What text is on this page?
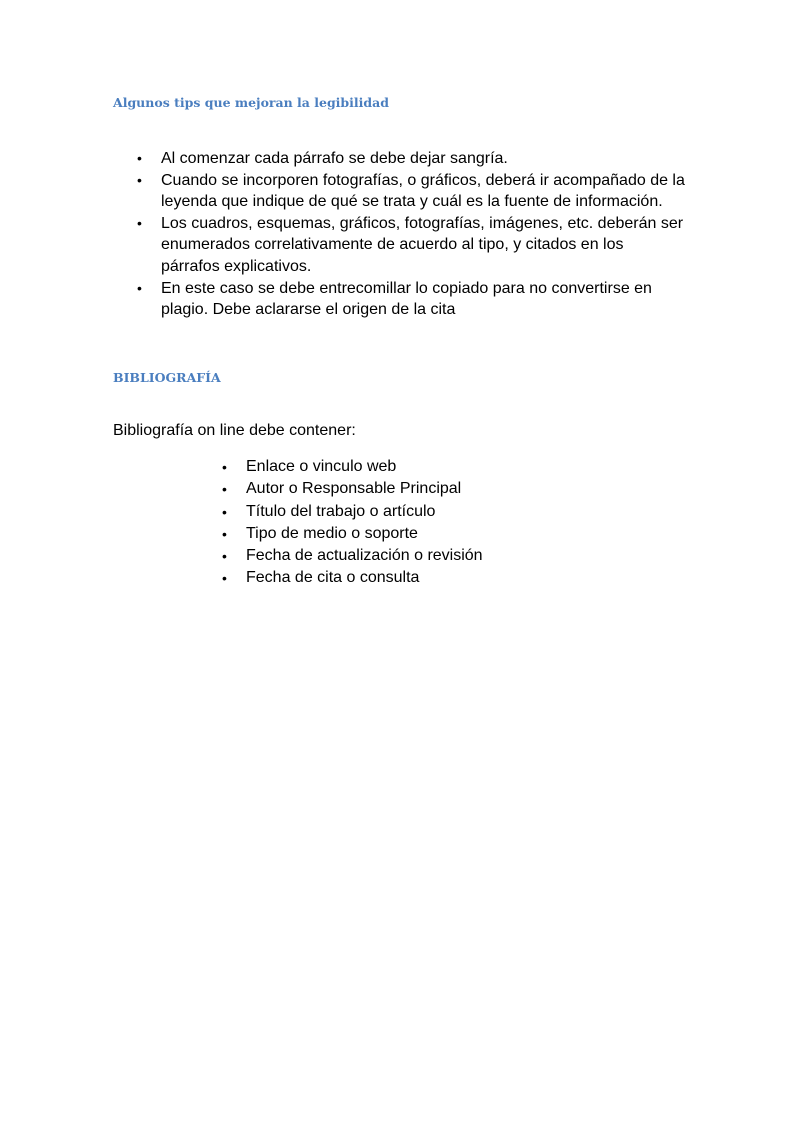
Algunos tips que mejoran la legibilidad
• Al comenzar cada párrafo se debe dejar sangría.
• Cuando se incorporen fotografías, o gráficos, deberá ir acompañado de la leyenda que indique de qué se trata y cuál es la fuente de información.
• Los cuadros, esquemas, gráficos, fotografías, imágenes, etc. deberán ser enumerados correlativamente de acuerdo al tipo, y citados en los párrafos explicativos.
• En este caso se debe entrecomillar lo copiado para no convertirse en plagio. Debe aclararse el origen de la cita
BIBLIOGRAFÍA

Bibliografía on line debe contener:

• Enlace o vinculo web
• Autor o Responsable Principal
• Título del trabajo o artículo
• Tipo de medio o soporte
• Fecha de actualización o revisión
• Fecha de cita o consulta
